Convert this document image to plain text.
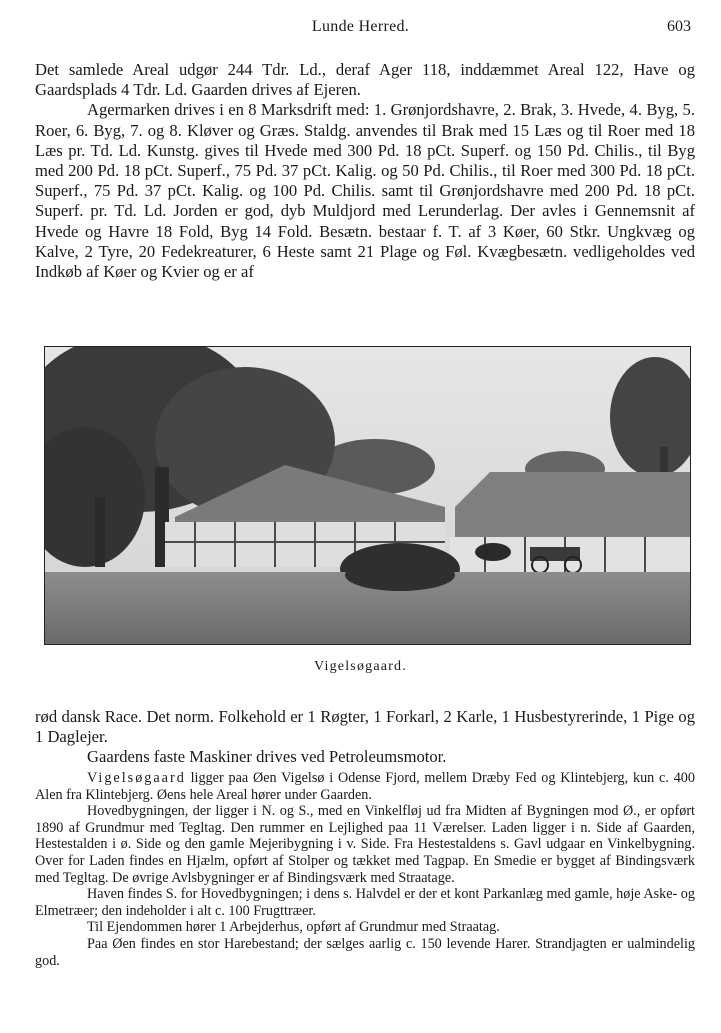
Lunde Herred.	603

Det samlede Areal udgør 244 Tdr. Ld., deraf Ager 118, inddæmmet Areal 122, Have og Gaardsplads 4 Tdr. Ld. Gaarden drives af Ejeren.

Agermarken drives i en 8 Marksdrift med: 1. Grønjordshavre, 2. Brak, 3. Hvede, 4. Byg, 5. Roer, 6. Byg, 7. og 8. Kløver og Græs. Staldg. anvendes til Brak med 15 Læs og til Roer med 18 Læs pr. Td. Ld. Kunstg. gives til Hvede med 300 Pd. 18 pCt. Superf. og 150 Pd. Chilis., til Byg med 200 Pd. 18 pCt. Superf., 75 Pd. 37 pCt. Kalig. og 50 Pd. Chilis., til Roer med 300 Pd. 18 pCt. Superf., 75 Pd. 37 pCt. Kalig. og 100 Pd. Chilis. samt til Grønjordshavre med 200 Pd. 18 pCt. Superf. pr. Td. Ld. Jorden er god, dyb Muldjord med Lerunderlag. Der avles i Gennemsnit af Hvede og Havre 18 Fold, Byg 14 Fold. Besætn. bestaar f. T. af 3 Køer, 60 Stkr. Ungkvæg og Kalve, 2 Tyre, 20 Fedekreaturer, 6 Heste samt 21 Plage og Føl. Kvægbesætn. vedligeholdes ved Indkøb af Køer og Kvier og er af

Vigelsøgaard.

rød dansk Race. Det norm. Folkehold er 1 Røgter, 1 Forkarl, 2 Karle, 1 Husbestyrerinde, 1 Pige og 1 Daglejer.

Gaardens faste Maskiner drives ved Petroleumsmotor.

Vigelsøgaard ligger paa Øen Vigelsø i Odense Fjord, mellem Dræby Fed og Klintebjerg, kun c. 400 Alen fra Klintebjerg. Øens hele Areal hører under Gaarden.

Hovedbygningen, der ligger i N. og S., med en Vinkelfløj ud fra Midten af Bygningen mod Ø., er opført 1890 af Grundmur med Tegltag. Den rummer en Lejlighed paa 11 Værelser. Laden ligger i n. Side af Gaarden, Hestestalden i ø. Side og den gamle Mejeribygning i v. Side. Fra Hestestaldens s. Gavl udgaar en Vinkelbygning. Over for Laden findes en Hjælm, opført af Stolper og tækket med Tagpap. En Smedie er bygget af Bindingsværk med Tegltag. De øvrige Avlsbygninger er af Bindingsværk med Straatage.

Haven findes S. for Hovedbygningen; i dens s. Halvdel er der et kont Parkanlæg med gamle, høje Aske- og Elmetræer; den indeholder i alt c. 100 Frugttræer.

Til Ejendommen hører 1 Arbejderhus, opført af Grundmur med Straatag.

Paa Øen findes en stor Harebestand; der sælges aarlig c. 150 levende Harer. Strandjagten er ualmindelig god.
